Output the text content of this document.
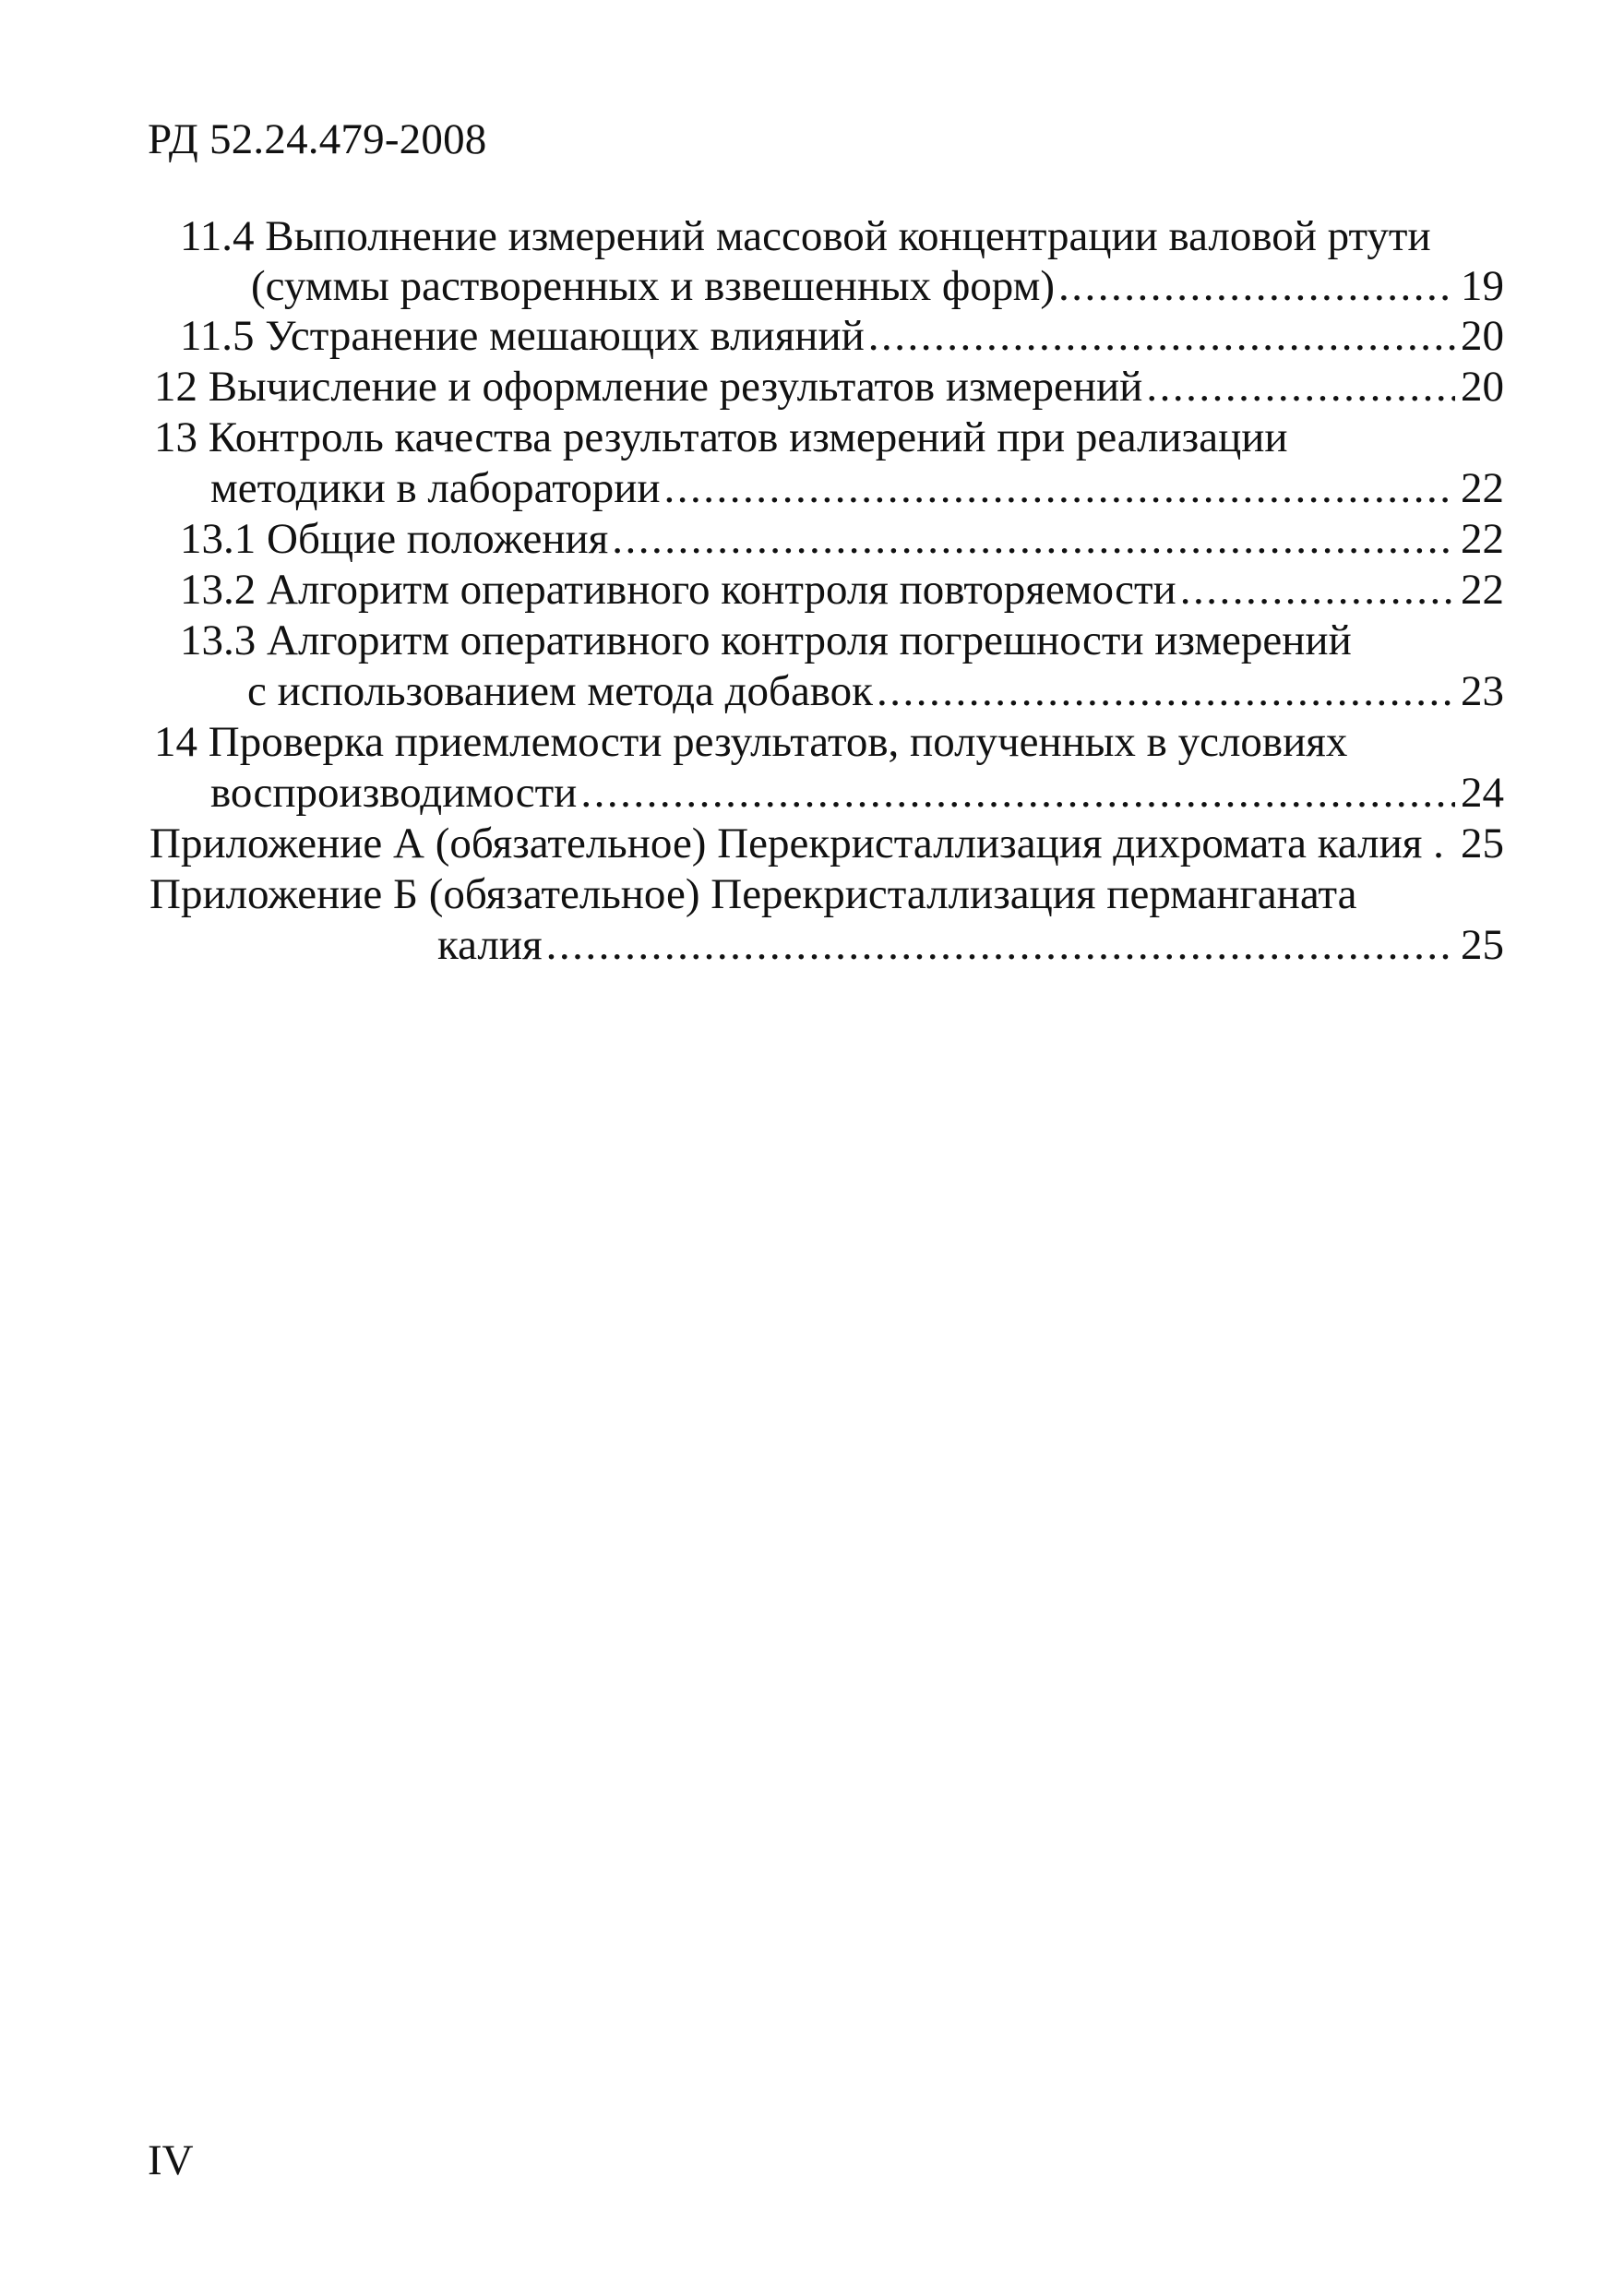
РД 52.24.479-2008
11.4 Выполнение измерений массовой концентрации валовой ртути
(суммы растворенных и взвешенных форм) .....	19
11.5 Устранение мешающих влияний .....	20
12 Вычисление и оформление результатов измерений .....	20
13 Контроль качества результатов измерений при реализации
методики в лаборатории .....	22
13.1 Общие положения .....	22
13.2 Алгоритм оперативного контроля повторяемости .....	22
13.3 Алгоритм оперативного контроля погрешности измерений
с использованием метода добавок .....	23
14 Проверка приемлемости результатов, полученных в условиях
воспроизводимости .....	24
Приложение А (обязательное) Перекристаллизация дихромата калия . 25
Приложение Б (обязательное) Перекристаллизация перманганата
калия .....	25
IV
